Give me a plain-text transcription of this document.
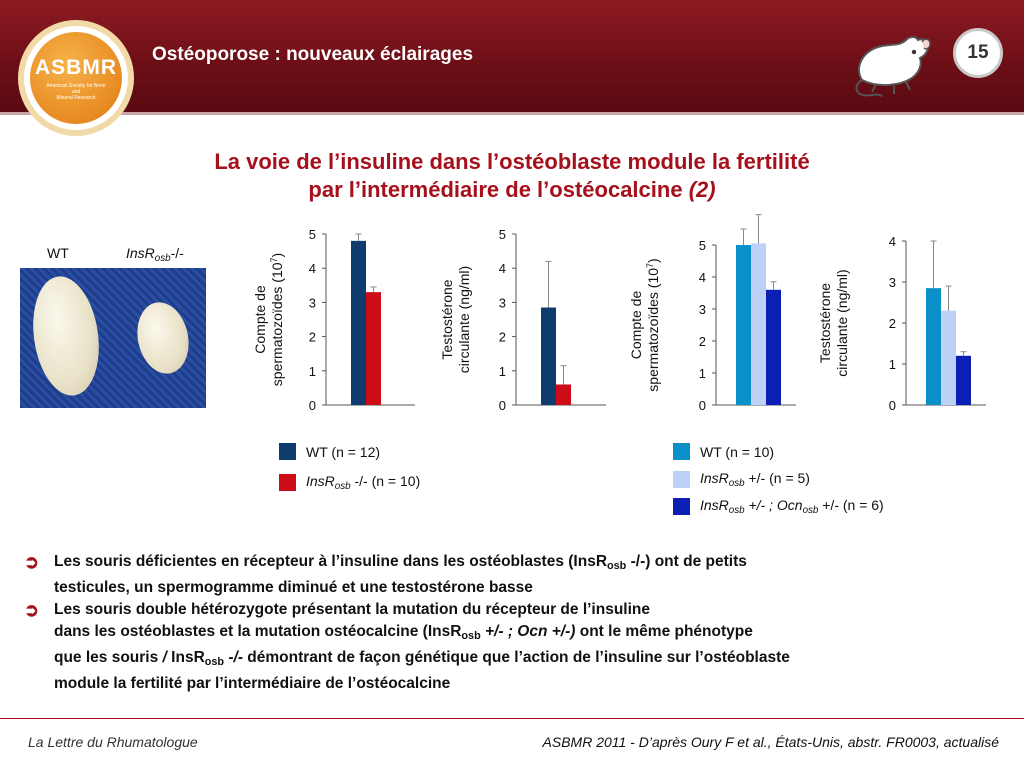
ASBMR
American Society for Bone
and
Mineral Research
Ostéoporose : nouveaux éclairages	15
La voie de l’insuline dans l’ostéoblaste module la fertilité
par l’intermédiaire de l’ostéocalcine (2)
WT	InsR$_{osb}$-/-
0
1
2
3
4
5
Compte despermatozoïdes $(10^7)$
0
1
2
3
4
5
Testostéronecirculante (ng/ml)
0
1
2
3
4
5
Compte despermatozoïdes $(10^7)$
0
1
2
3
4
Testostéronecirculante (ng/ml)
WT (n = 12)
InsR$_{osb}$ -/- (n = 10)
WT (n = 10)
InsR$_{osb}$ +/- (n = 5)
InsR$_{osb}$ +/- ; Ocn$_{osb}$ +/- (n = 6)
➲ Les souris déficientes en récepteur à l’insuline dans les ostéoblastes (InsR$_{osb}$ -/-) ont de petits
testicules, un spermogramme diminué et une testostérone basse
➲ Les souris double hétérozygote présentant la mutation du récepteur de l’insuline
dans les ostéoblastes et la mutation ostéocalcine (InsR$_{osb}$ +/- ; Ocn +/-) ont le même phénotype
que les souris / InsR$_{osb}$ -/- démontrant de façon génétique que l’action de l’insuline sur l’ostéoblaste
module la fertilité par l’intermédiaire de l’ostéocalcine
La Lettre du Rhumatologue	ASBMR 2011 - D’après Oury F et al., États-Unis, abstr. FR0003, actualisé
